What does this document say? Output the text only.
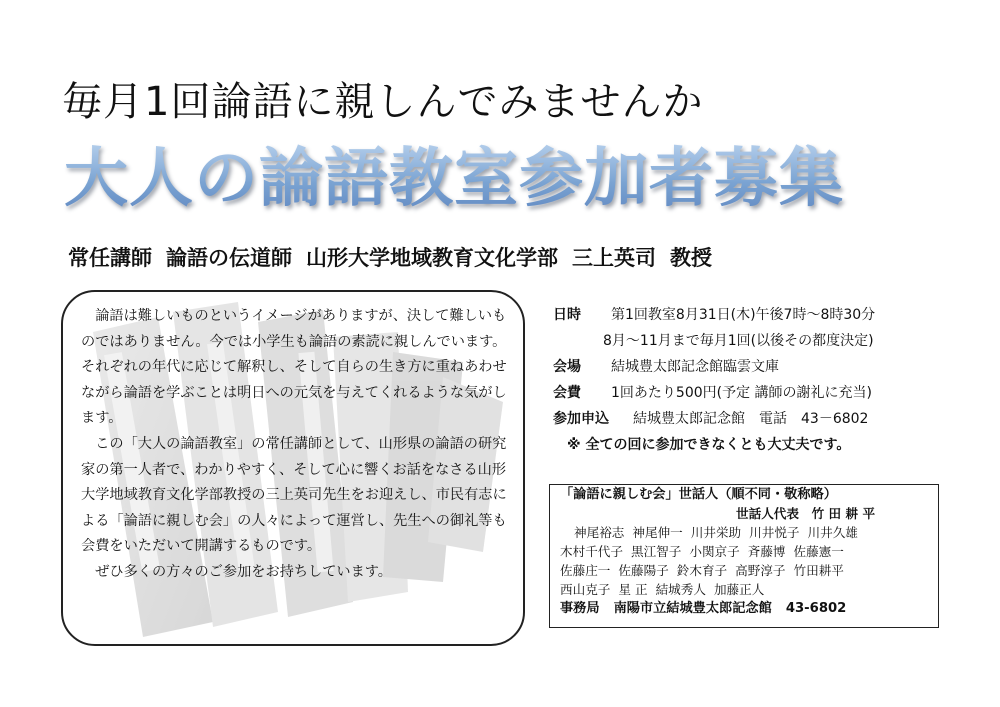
毎月1回論語に親しんでみませんか
大人の論語教室参加者募集
常任講師 論語の伝道師 山形大学地域教育文化学部 三上英司 教授

論語は難しいものというイメージがありますが、決して難しいものではありません。今では小学生も論語の素読に親しんでいます。それぞれの年代に応じて解釈し、そして自らの生き方に重ねあわせながら論語を学ぶことは明日への元気を与えてくれるような気がします。

この「大人の論語教室」の常任講師として、山形県の論語の研究家の第一人者で、わかりやすく、そして心に響くお話をなさる山形大学地域教育文化学部教授の三上英司先生をお迎えし、市民有志による「論語に親しむ会」の人々によって運営し、先生への御礼等も会費をいただいて開講するものです。

ぜひ多くの方々のご参加をお持ちしています。

日時	第1回教室8月31日(木)午後7時～8時30分
8月～11月まで毎月1回(以後その都度決定)
会場	結城豊太郎記念館臨雲文庫
会費	1回あたり500円(予定 講師の謝礼に充当)
参加申込	結城豊太郎記念館　電話　43－6802
※ 全ての回に参加できなくとも大丈夫です。
「論語に親しむ会」世話人（順不同・敬称略）
世話人代表　竹 田 耕 平
神尾裕志 神尾伸一 川井栄助 川井悦子 川井久雄
木村千代子 黒江智子 小関京子 斉藤博 佐藤憲一
佐藤庄一 佐藤陽子 鈴木育子 高野淳子 竹田耕平
西山克子 星 正 結城秀人 加藤正人
事務局 南陽市立結城豊太郎記念館 43-6802
